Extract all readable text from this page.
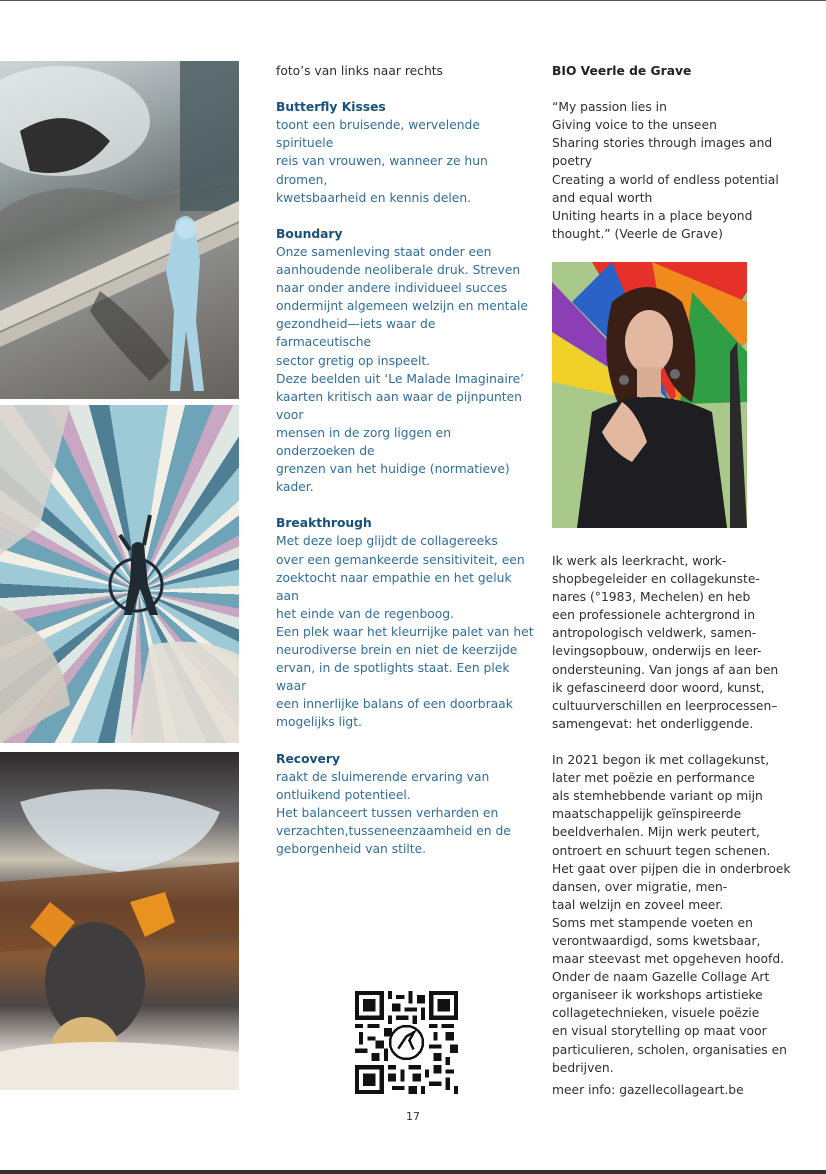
foto’s van links naar rechts

Butterfly Kisses
toont een bruisende, wervelende spirituele
reis van vrouwen, wanneer ze hun dromen,
kwetsbaarheid en kennis delen.

Boundary
Onze samenleving staat onder een
aanhoudende neoliberale druk. Streven
naar onder andere individueel succes
ondermijnt algemeen welzijn en mentale
gezondheid—iets waar de farmaceutische
sector gretig op inspeelt.
Deze beelden uit ‘Le Malade Imaginaire’
kaarten kritisch aan waar de pijnpunten voor
mensen in de zorg liggen en onderzoeken de
grenzen van het huidige (normatieve) kader.

Breakthrough
Met deze loep glijdt de collagereeks
over een gemankeerde sensitiviteit, een
zoektocht naar empathie en het geluk aan
het einde van de regenboog.
Een plek waar het kleurrijke palet van het
neurodiverse brein en niet de keerzijde
ervan, in de spotlights staat. Een plek waar
een innerlijke balans of een doorbraak
mogelijks ligt.

Recovery
raakt de sluimerende ervaring van
ontluikend potentieel.
Het balanceert tussen verharden en
verzachten,tusseneenzaamheid en de
geborgenheid van stilte.

BIO Veerle de Grave

“My passion lies in
Giving voice to the unseen
Sharing stories through images and
poetry
Creating a world of endless potential
and equal worth
Uniting hearts in a place beyond
thought.” (Veerle de Grave)

Ik werk als leerkracht, work-
shopbegeleider en collagekunste-
nares (°1983, Mechelen) en heb
een professionele achtergrond in
antropologisch veldwerk, samen-
levingsopbouw, onderwijs en leer-
ondersteuning. Van jongs af aan ben
ik gefascineerd door woord, kunst,
cultuurverschillen en leerprocessen–
samengevat: het onderliggende.

In 2021 begon ik met collagekunst,
later met poëzie en performance
als stemhebbende variant op mijn
maatschappelijk geïnspireerde
beeldverhalen. Mijn werk peutert,
ontroert en schuurt tegen schenen.
Het gaat over pijpen die in onderbroek
dansen, over migratie, men-
taal welzijn en zoveel meer.
Soms met stampende voeten en
verontwaardigd, soms kwetsbaar,
maar steevast met opgeheven hoofd.
Onder de naam Gazelle Collage Art
organiseer ik workshops artistieke
collagetechnieken, visuele poëzie
en visual storytelling op maat voor
particulieren, scholen, organisaties en
bedrijven.

meer info: gazellecollageart.be

17
